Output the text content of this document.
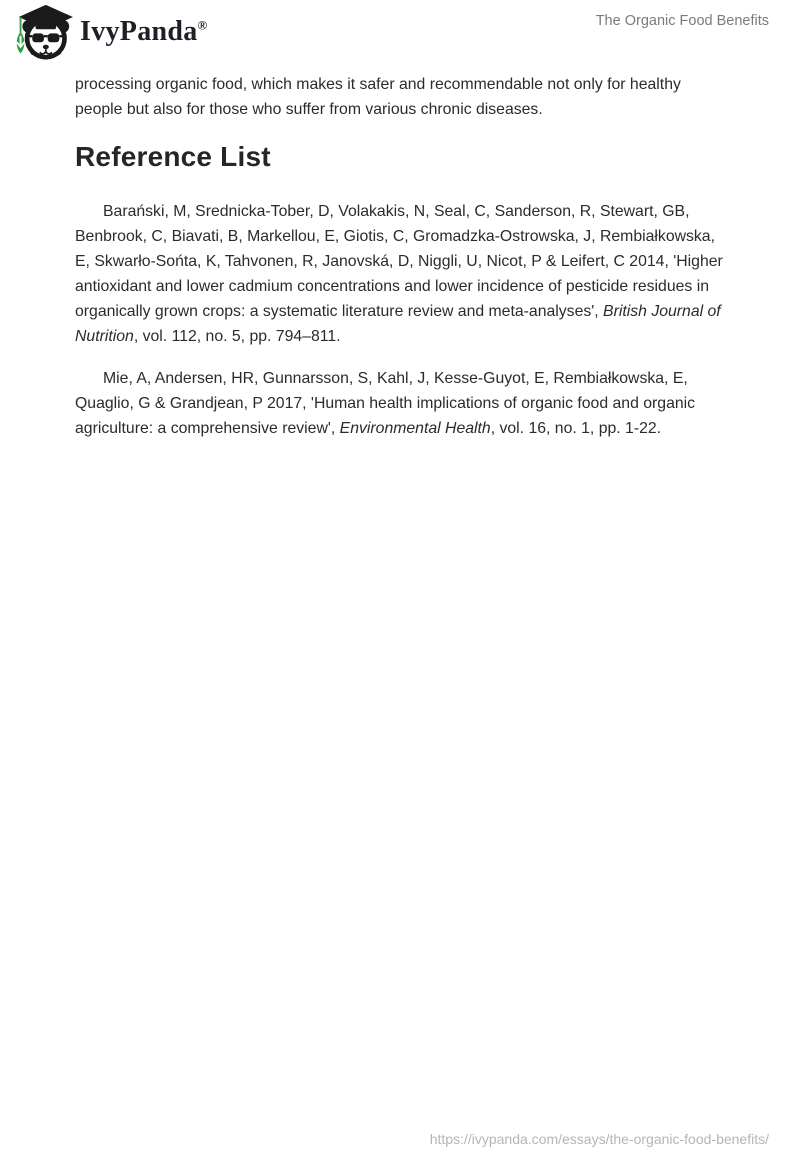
IvyPanda®	The Organic Food Benefits

processing organic food, which makes it safer and recommendable not only for healthy people but also for those who suffer from various chronic diseases.

Reference List

Barański, M, Srednicka-Tober, D, Volakakis, N, Seal, C, Sanderson, R, Stewart, GB, Benbrook, C, Biavati, B, Markellou, E, Giotis, C, Gromadzka-Ostrowska, J, Rembiałkowska, E, Skwarło-Sońta, K, Tahvonen, R, Janovská, D, Niggli, U, Nicot, P & Leifert, C 2014, 'Higher antioxidant and lower cadmium concentrations and lower incidence of pesticide residues in organically grown crops: a systematic literature review and meta-analyses', British Journal of Nutrition, vol. 112, no. 5, pp. 794–811.

Mie, A, Andersen, HR, Gunnarsson, S, Kahl, J, Kesse-Guyot, E, Rembiałkowska, E, Quaglio, G & Grandjean, P 2017, 'Human health implications of organic food and organic agriculture: a comprehensive review', Environmental Health, vol. 16, no. 1, pp. 1-22.

https://ivypanda.com/essays/the-organic-food-benefits/
